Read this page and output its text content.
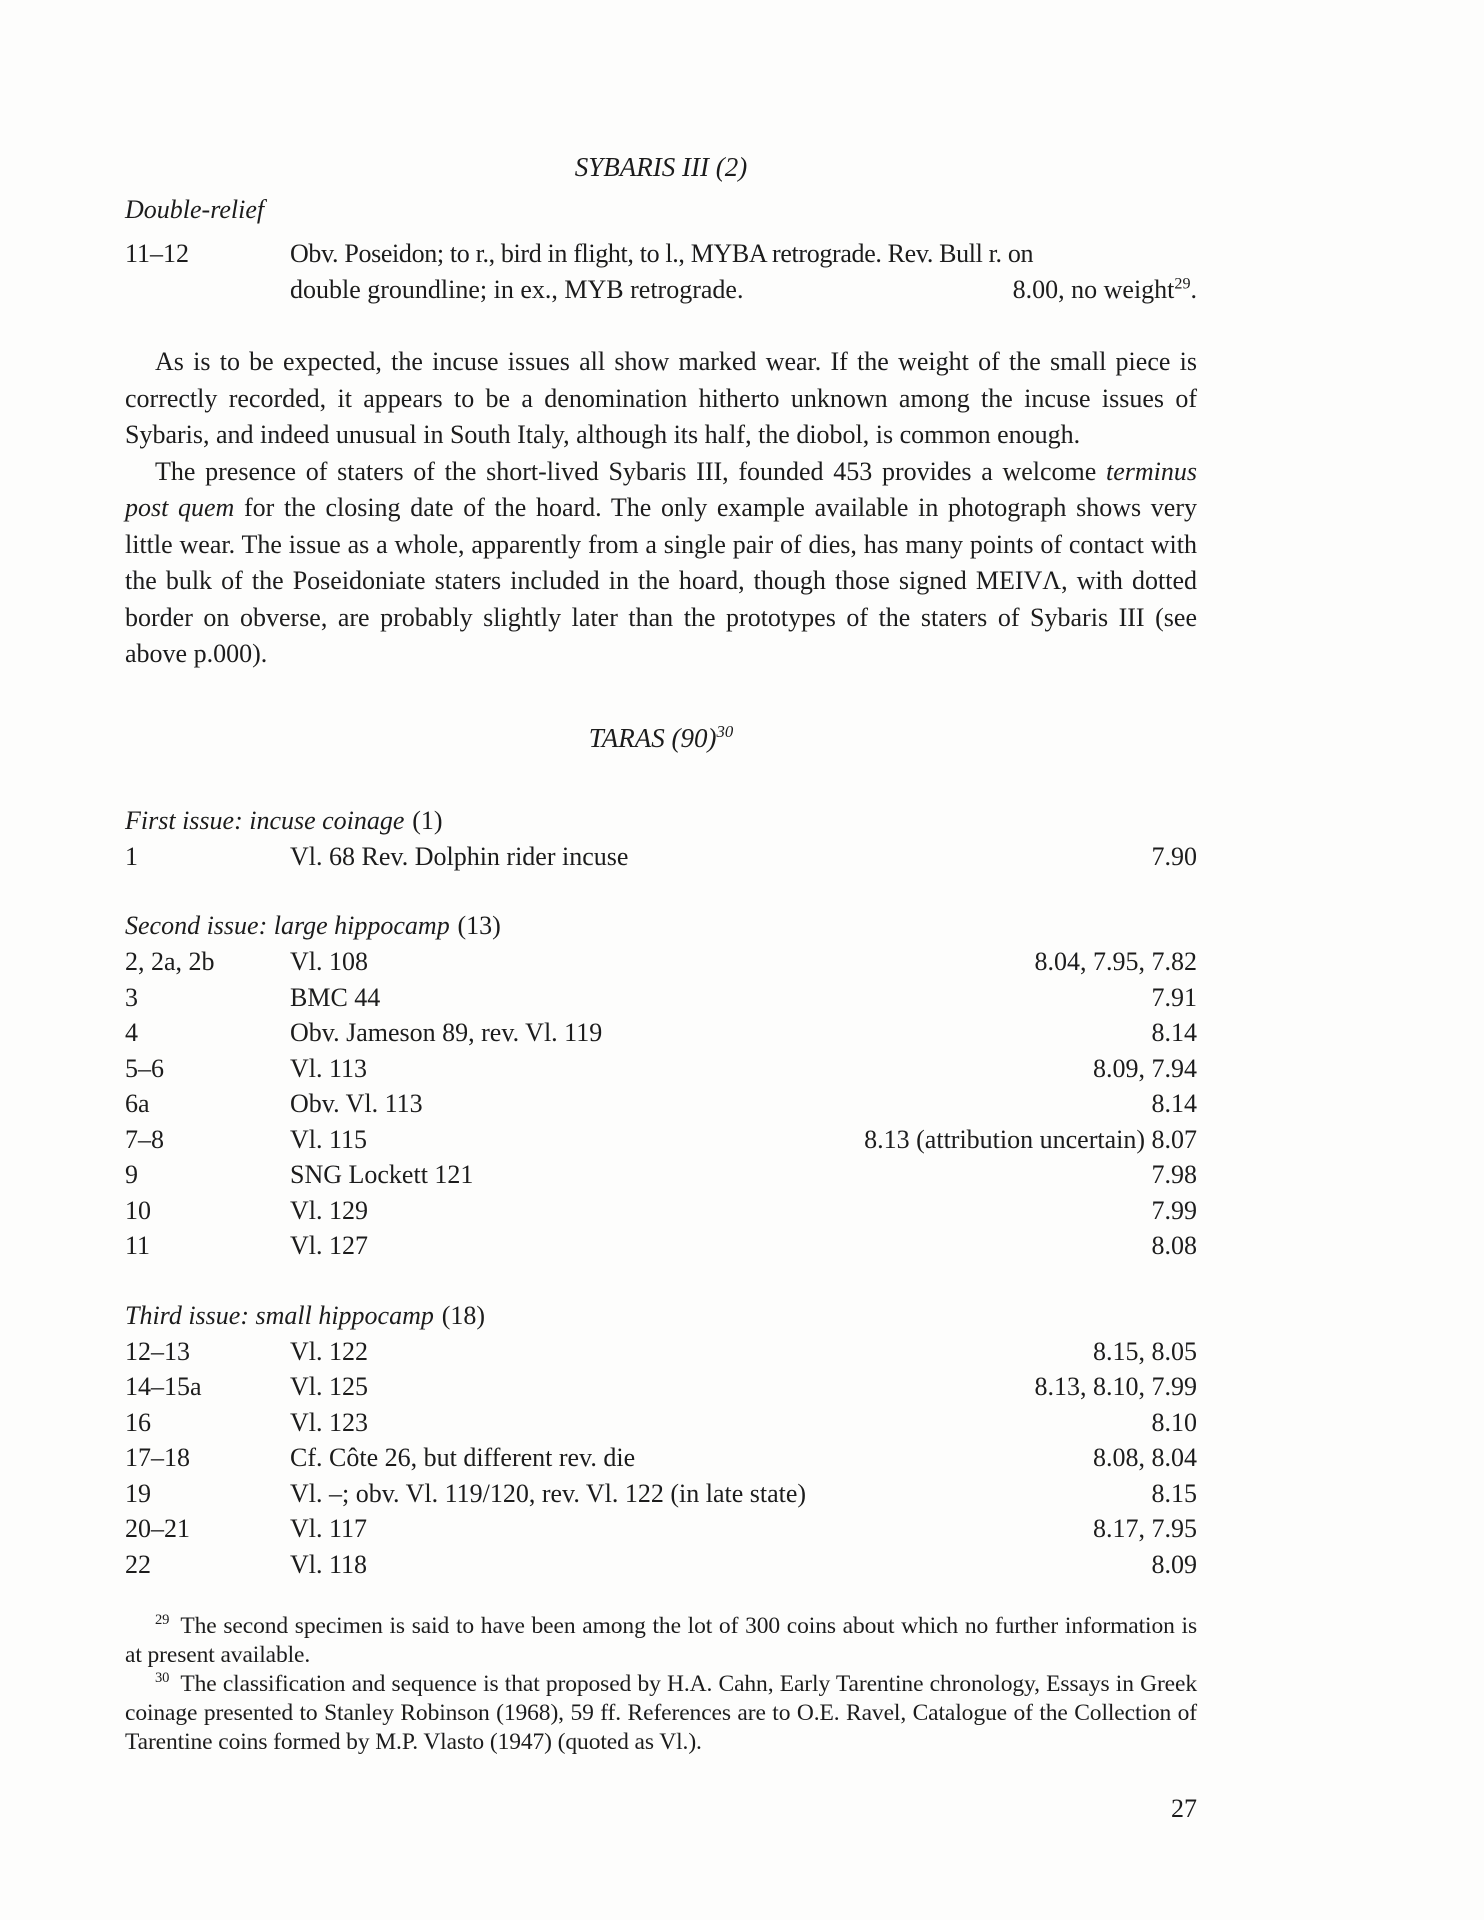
SYBARIS III (2)
Double-relief
11–12	Obv. Poseidon; to r., bird in flight, to l., MYBA retrograde. Rev. Bull r. on
double groundline; in ex., MYB retrograde.	8.00, no weight$^{29}$.

As is to be expected, the incuse issues all show marked wear. If the weight of the small piece is correctly recorded, it appears to be a denomination hitherto unknown among the incuse issues of Sybaris, and indeed unusual in South Italy, although its half, the diobol, is common enough.

The presence of staters of the short-lived Sybaris III, founded 453 provides a welcome terminus post quem for the closing date of the hoard. The only example available in photograph shows very little wear. The issue as a whole, apparently from a single pair of dies, has many points of contact with the bulk of the Poseidoniate staters included in the hoard, though those signed MEIVΛ, with dotted border on obverse, are probably slightly later than the prototypes of the staters of Sybaris III (see above p.000).

TARAS $(90)^{30}$
First issue: incuse coinage (1)
1	Vl. 68 Rev. Dolphin rider incuse	7.90
Second issue: large hippocamp (13)
2, 2a, 2b	Vl. 108	8.04, 7.95, 7.82
3	BMC 44	7.91
4	Obv. Jameson 89, rev. Vl. 119	8.14
5–6	Vl. 113	8.09, 7.94
6a	Obv. Vl. 113	8.14
7–8	Vl. 115	8.13 (attribution uncertain) 8.07
9	SNG Lockett 121	7.98
10	Vl. 129	7.99
11	Vl. 127	8.08
Third issue: small hippocamp (18)
12–13	Vl. 122	8.15, 8.05
14–15a	Vl. 125	8.13, 8.10, 7.99
16	Vl. 123	8.10
17–18	Cf. Côte 26, but different rev. die	8.08, 8.04
19	Vl. –; obv. Vl. 119/120, rev. Vl. 122 (in late state)	8.15
20–21	Vl. 117	8.17, 7.95
22	Vl. 118	8.09

$^{29}$ The second specimen is said to have been among the lot of 300 coins about which no further information is at present available.

$^{30}$ The classification and sequence is that proposed by H.A. Cahn, Early Tarentine chronology, Essays in Greek coinage presented to Stanley Robinson (1968), 59 ff. References are to O.E. Ravel, Catalogue of the Collection of Tarentine coins formed by M.P. Vlasto (1947) (quoted as Vl.).

27
